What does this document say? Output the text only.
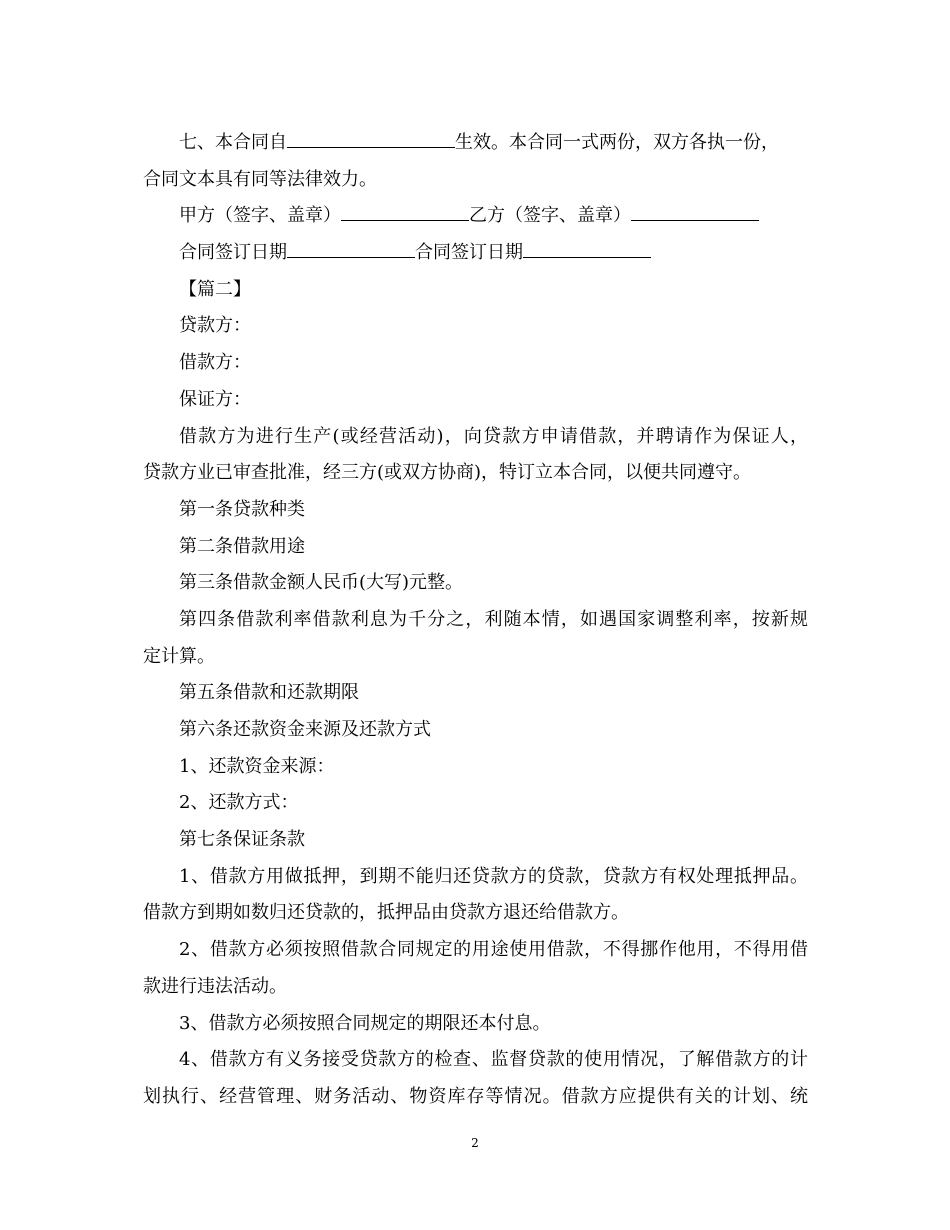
七、本合同自	生效。本合同一式两份，双方各执一份，
合同文本具有同等法律效力。
甲方（签字、盖章）	乙方（签字、盖章）
合同签订日期	合同签订日期
【篇二】
贷款方：
借款方：
保证方：
借款方为进行生产(或经营活动)，向贷款方申请借款，并聘请作为保证人，
贷款方业已审查批准，经三方(或双方协商)，特订立本合同，以便共同遵守。
第一条贷款种类
第二条借款用途
第三条借款金额人民币(大写)元整。
第四条借款利率借款利息为千分之，利随本情，如遇国家调整利率，按新规
定计算。
第五条借款和还款期限
第六条还款资金来源及还款方式
1、还款资金来源：
2、还款方式：
第七条保证条款
1、借款方用做抵押，到期不能归还贷款方的贷款，贷款方有权处理抵押品。
借款方到期如数归还贷款的，抵押品由贷款方退还给借款方。
2、借款方必须按照借款合同规定的用途使用借款，不得挪作他用，不得用借
款进行违法活动。
3、借款方必须按照合同规定的期限还本付息。
4、借款方有义务接受贷款方的检查、监督贷款的使用情况，了解借款方的计
划执行、经营管理、财务活动、物资库存等情况。借款方应提供有关的计划、统
2
